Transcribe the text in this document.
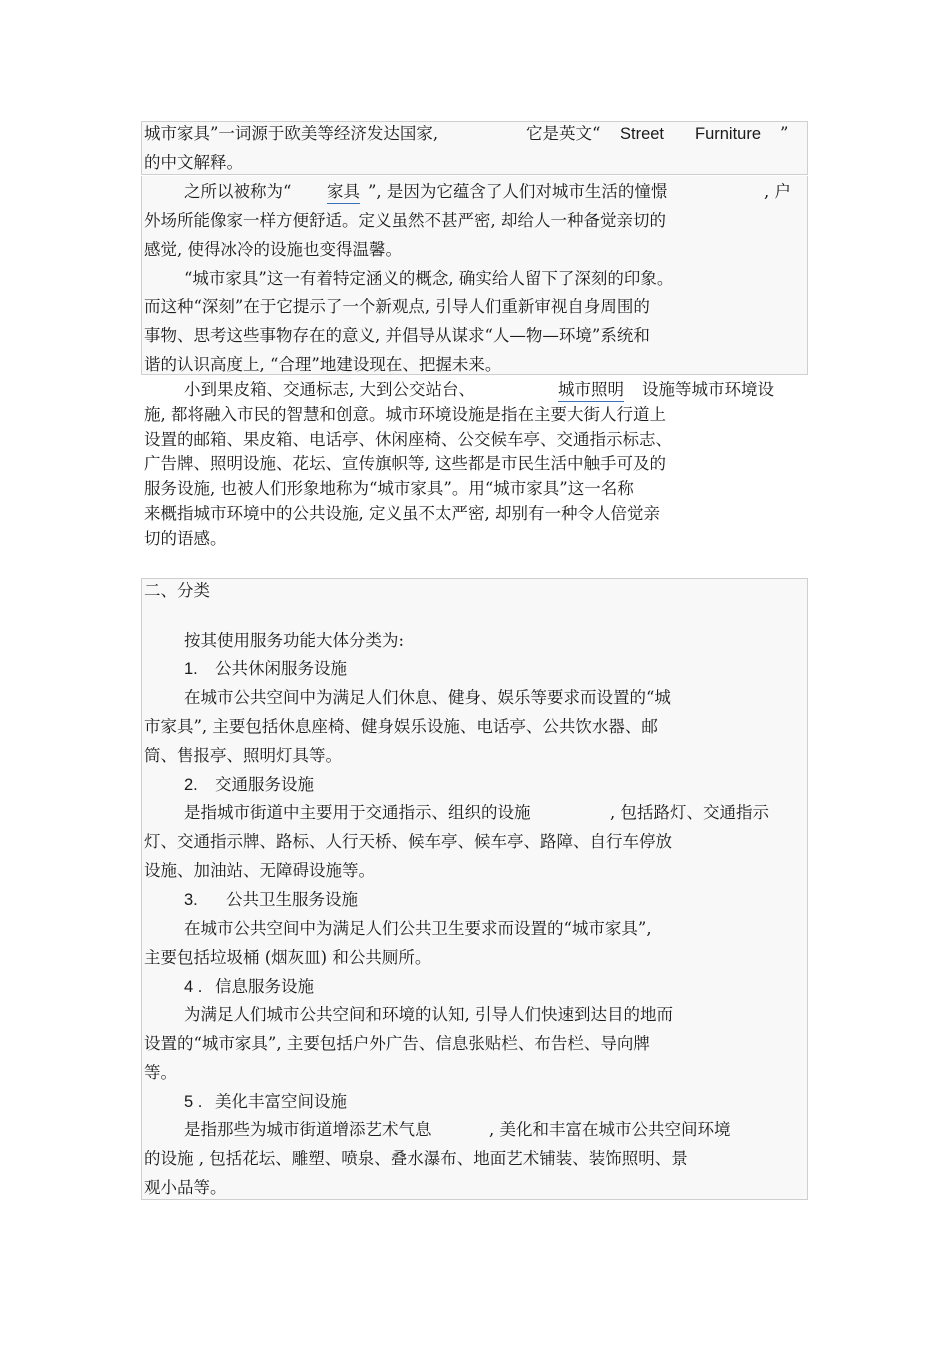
城市家具”一词源于欧美等经济发达国家,	它是英文“ Street Furniture ”
的中文解释。
之所以被称为“ 家具 ”, 是因为它蕴含了人们对城市生活的憧憬	, 户
外场所能像家一样方便舒适。定义虽然不甚严密, 却给人一种备觉亲切的
感觉, 使得冰冷的设施也变得温馨。
“城市家具”这一有着特定涵义的概念, 确实给人留下了深刻的印象。
而这种“深刻”在于它提示了一个新观点, 引导人们重新审视自身周围的
事物、思考这些事物存在的意义, 并倡导从谋求“人—物—环境”系统和
谐的认识高度上, “合理”地建设现在、把握未来。
小到果皮箱、交通标志, 大到公交站台、	城市照明 设施等城市环境设
施, 都将融入市民的智慧和创意。城市环境设施是指在主要大街人行道上
设置的邮箱、果皮箱、电话亭、休闲座椅、公交候车亭、交通指示标志、
广告牌、照明设施、花坛、宣传旗帜等, 这些都是市民生活中触手可及的
服务设施, 也被人们形象地称为“城市家具”。用“城市家具”这一名称
来概指城市环境中的公共设施, 定义虽不太严密, 却别有一种令人倍觉亲
切的语感。
二、分类
按其使用服务功能大体分类为:
1. 公共休闲服务设施
在城市公共空间中为满足人们休息、健身、娱乐等要求而设置的“城
市家具”, 主要包括休息座椅、健身娱乐设施、电话亭、公共饮水器、邮
筒、售报亭、照明灯具等。
2. 交通服务设施
是指城市街道中主要用于交通指示、组织的设施	, 包括路灯、交通指示
灯、交通指示牌、路标、人行天桥、候车亭、候车亭、路障、自行车停放
设施、加油站、无障碍设施等。
3. 公共卫生服务设施
在城市公共空间中为满足人们公共卫生要求而设置的“城市家具”,
主要包括垃圾桶 (烟灰皿) 和公共厕所。
4 . 信息服务设施
为满足人们城市公共空间和环境的认知, 引导人们快速到达目的地而
设置的“城市家具”, 主要包括户外广告、信息张贴栏、布告栏、导向牌
等。
5 . 美化丰富空间设施
是指那些为城市街道增添艺术气息	, 美化和丰富在城市公共空间环境
的设施 , 包括花坛、雕塑、喷泉、叠水瀑布、地面艺术铺装、装饰照明、景
观小品等。
